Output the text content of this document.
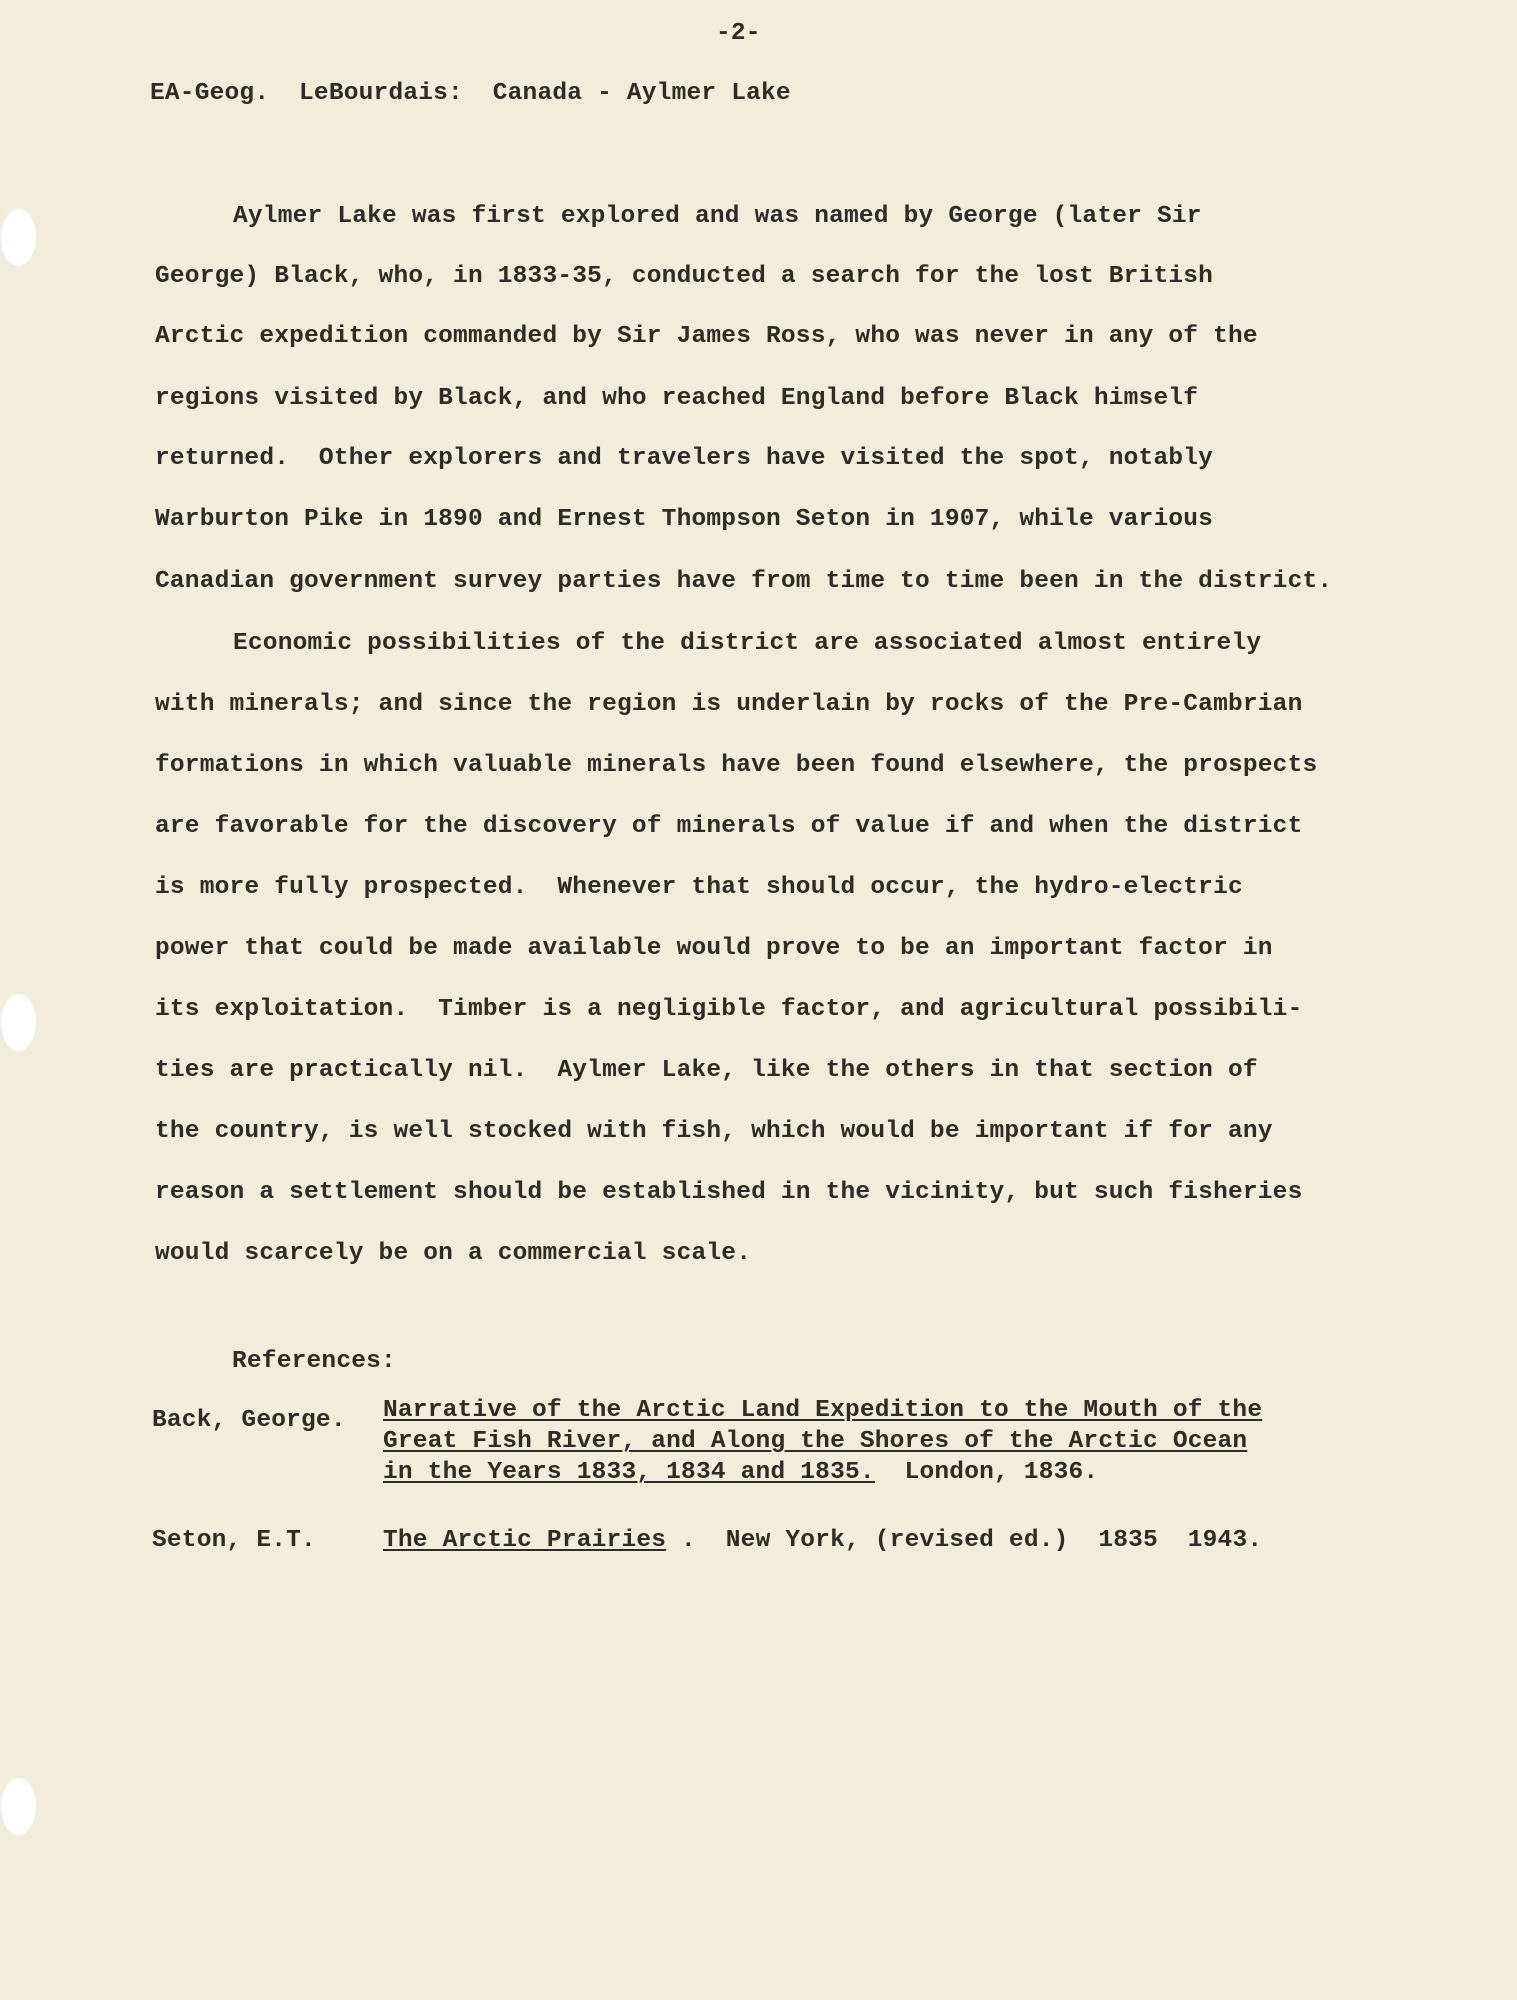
-2-
EA-Geog.  LeBourdais:  Canada - Aylmer Lake
Aylmer Lake was first explored and was named by George (later Sir
George) Black, who, in 1833-35, conducted a search for the lost British
Arctic expedition commanded by Sir James Ross, who was never in any of the
regions visited by Black, and who reached England before Black himself
returned.  Other explorers and travelers have visited the spot, notably
Warburton Pike in 1890 and Ernest Thompson Seton in 1907, while various
Canadian government survey parties have from time to time been in the district.
Economic possibilities of the district are associated almost entirely
with minerals; and since the region is underlain by rocks of the Pre-Cambrian
formations in which valuable minerals have been found elsewhere, the prospects
are favorable for the discovery of minerals of value if and when the district
is more fully prospected.  Whenever that should occur, the hydro-electric
power that could be made available would prove to be an important factor in
its exploitation.  Timber is a negligible factor, and agricultural possibili-
ties are practically nil.  Aylmer Lake, like the others in that section of
the country, is well stocked with fish, which would be important if for any
reason a settlement should be established in the vicinity, but such fisheries
would scarcely be on a commercial scale.
References:
Back, George. Narrative of the Arctic Land Expedition to the Mouth of the
Great Fish River, and Along the Shores of the Arctic Ocean
in the Years 1833, 1834 and 1835.  London, 1836.
Seton, E.T.	The Arctic Prairies .  New York, (revised ed.)  1835  1943.
